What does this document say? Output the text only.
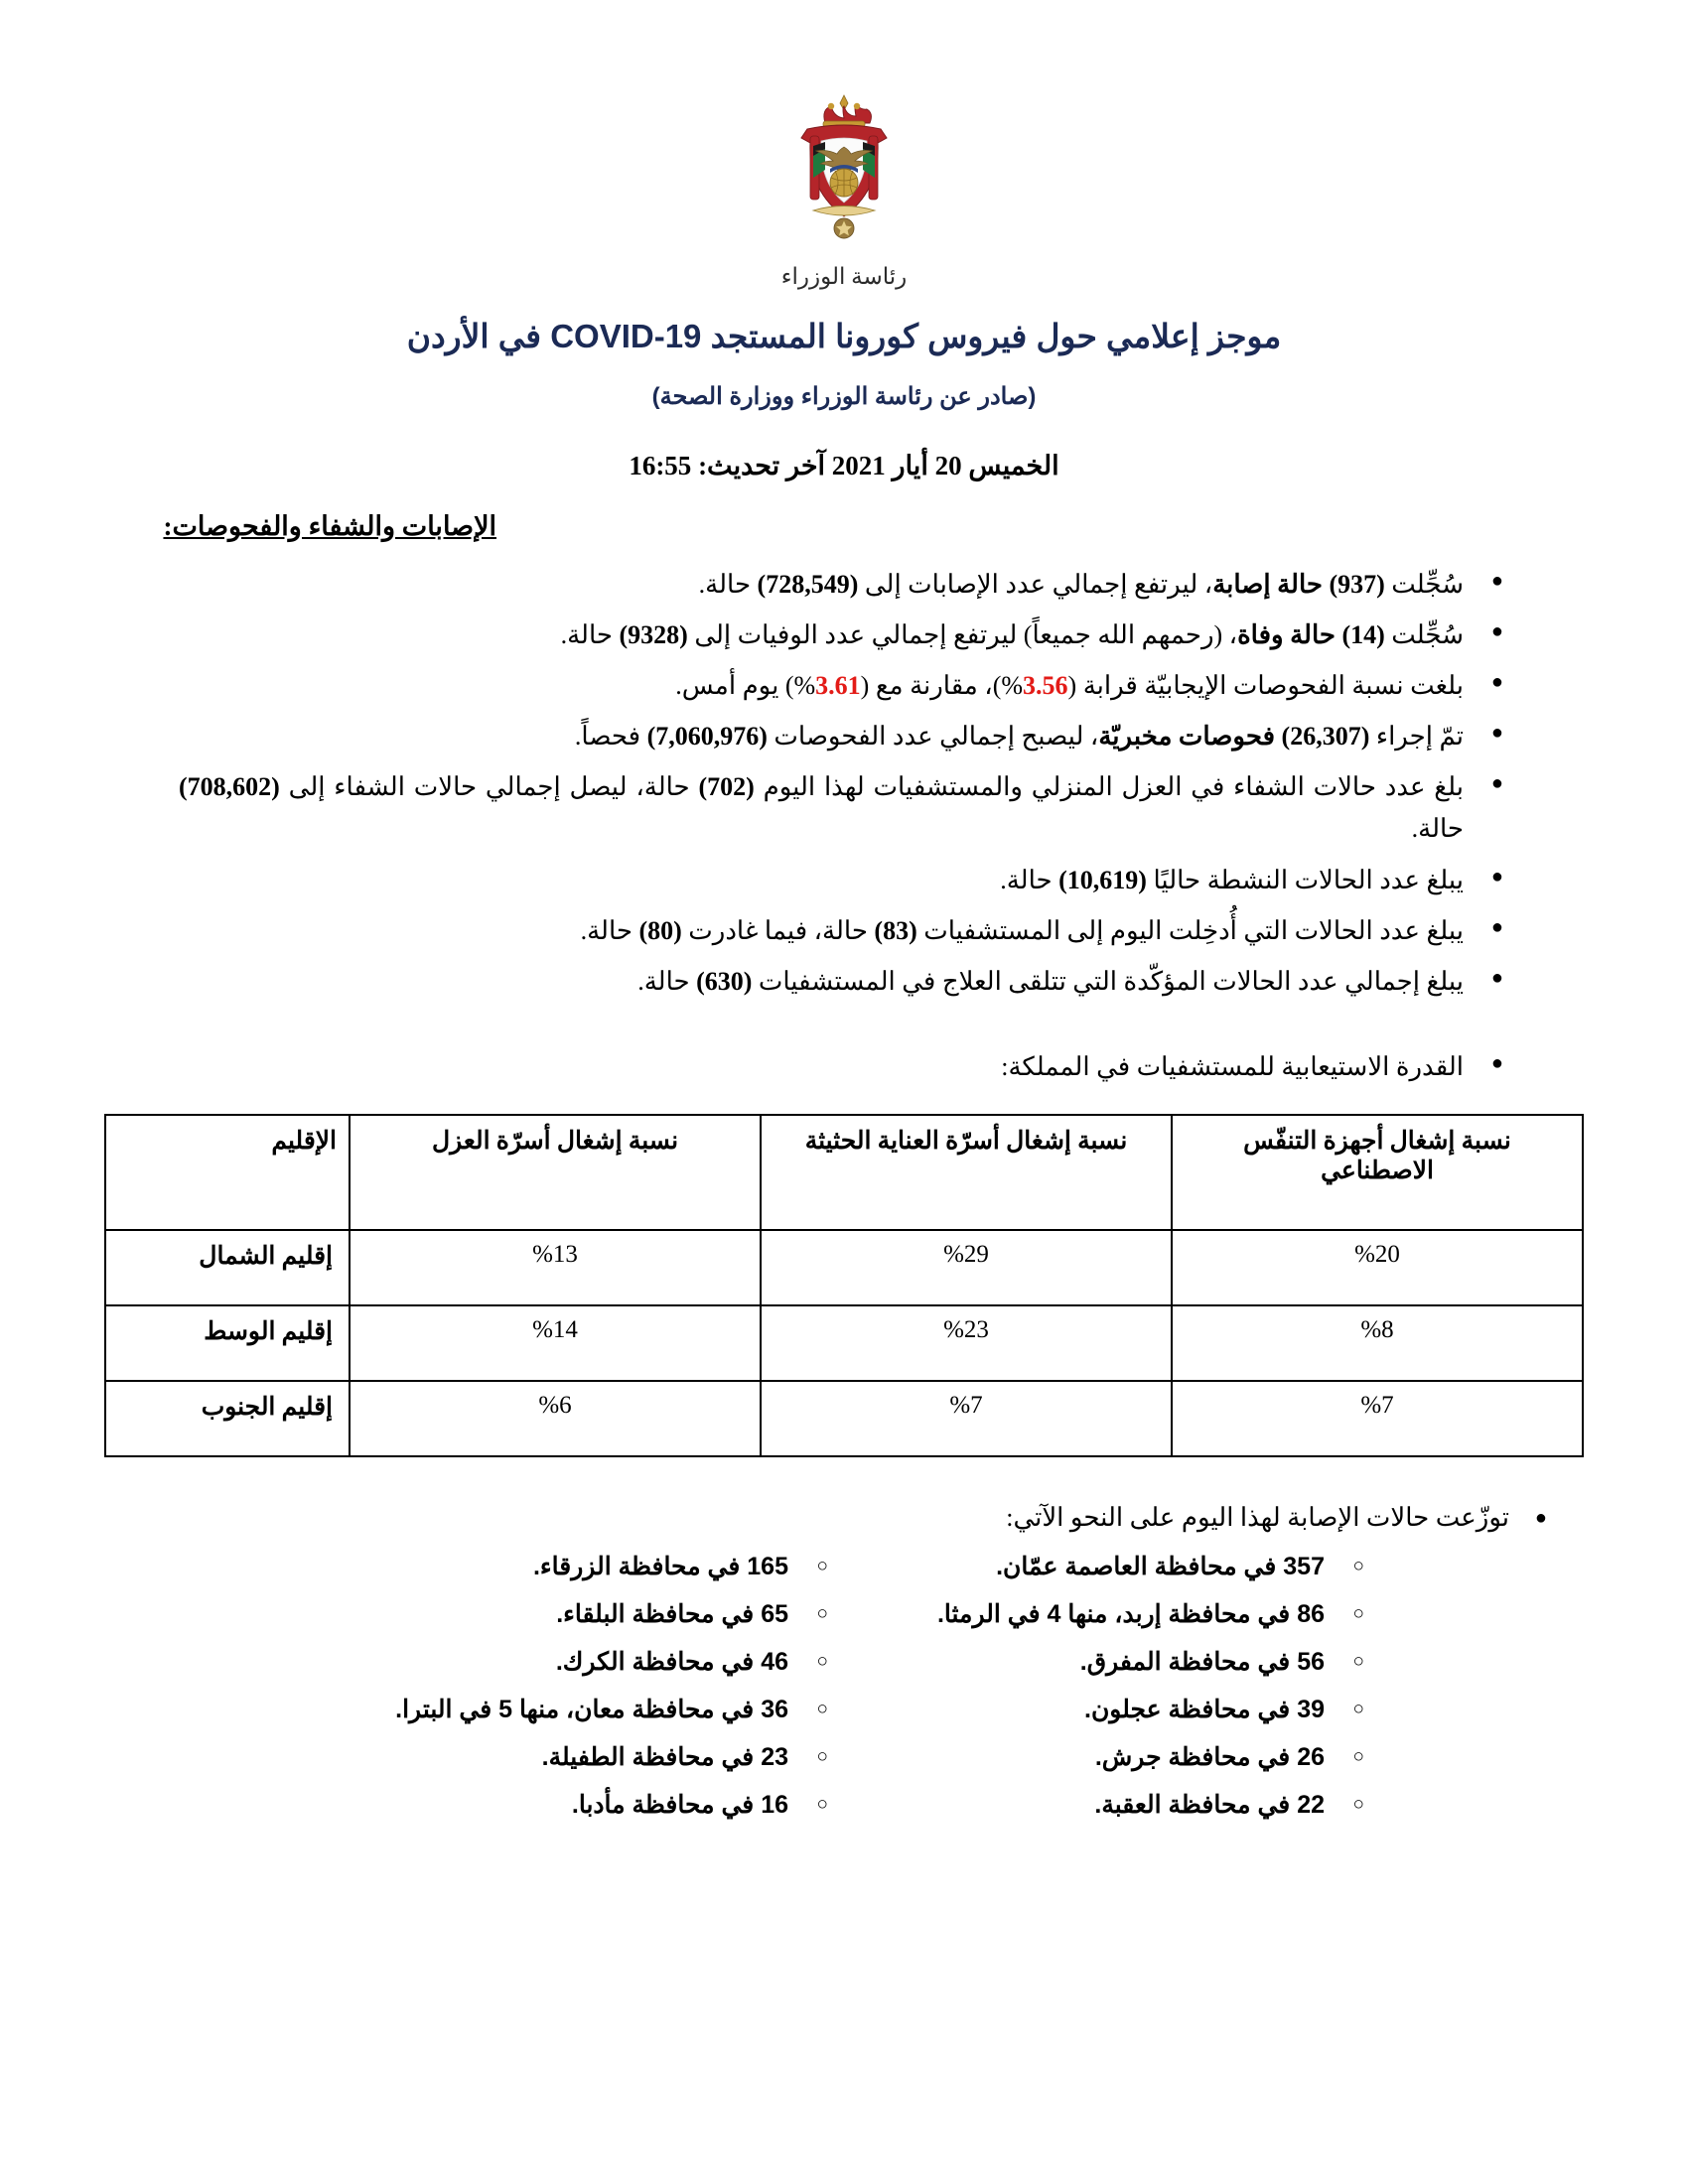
رئاسة الوزراء
موجز إعلامي حول فيروس كورونا المستجد COVID-19 في الأردن
(صادر عن رئاسة الوزراء ووزارة الصحة)
الخميس 20 أيار 2021 آخر تحديث: 16:55
الإصابات والشفاء والفحوصات:
● سُجِّلت (937) حالة إصابة، ليرتفع إجمالي عدد الإصابات إلى (728,549) حالة.
● سُجِّلت (14) حالة وفاة، (رحمهم الله جميعاً) ليرتفع إجمالي عدد الوفيات إلى (9328) حالة.
● بلغت نسبة الفحوصات الإيجابيّة قرابة (3.56%)، مقارنة مع (3.61%) يوم أمس.
● تمّ إجراء (26,307) فحوصات مخبريّة، ليصبح إجمالي عدد الفحوصات (7,060,976) فحصاً.
● بلغ عدد حالات الشفاء في العزل المنزلي والمستشفيات لهذا اليوم (702) حالة، ليصل إجمالي حالات الشفاء إلى (708,602) حالة.
● يبلغ عدد الحالات النشطة حاليًا (10,619) حالة.
● يبلغ عدد الحالات التي أُدخِلت اليوم إلى المستشفيات (83) حالة، فيما غادرت (80) حالة.
● يبلغ إجمالي عدد الحالات المؤكّدة التي تتلقى العلاج في المستشفيات (630) حالة.
● القدرة الاستيعابية للمستشفيات في المملكة:
نسبة إشغال أجهزة التنفّس الاصطناعي	نسبة إشغال أسرّة العناية الحثيثة	نسبة إشغال أسرّة العزل	الإقليم
%20	%29	%13	إقليم الشمال
%8	%23	%14	إقليم الوسط
%7	%7	%6	إقليم الجنوب
● توزّعت حالات الإصابة لهذا اليوم على النحو الآتي:
○ 357 في محافظة العاصمة عمّان.
○ 86 في محافظة إربد، منها 4 في الرمثا.
○ 56 في محافظة المفرق.
○ 39 في محافظة عجلون.
○ 26 في محافظة جرش.
○ 22 في محافظة العقبة.
○ 165 في محافظة الزرقاء.
○ 65 في محافظة البلقاء.
○ 46 في محافظة الكرك.
○ 36 في محافظة معان، منها 5 في البترا.
○ 23 في محافظة الطفيلة.
○ 16 في محافظة مأدبا.
